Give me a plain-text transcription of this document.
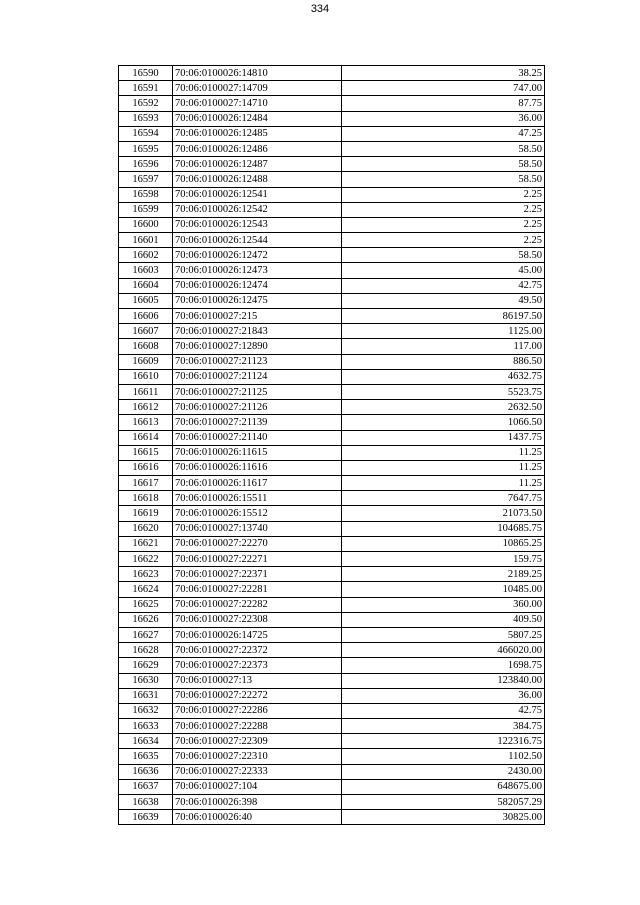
334
16590	70:06:0100026:14810	38.25
16591	70:06:0100027:14709	747.00
16592	70:06:0100027:14710	87.75
16593	70:06:0100026:12484	36.00
16594	70:06:0100026:12485	47.25
16595	70:06:0100026:12486	58.50
16596	70:06:0100026:12487	58.50
16597	70:06:0100026:12488	58.50
16598	70:06:0100026:12541	2.25
16599	70:06:0100026:12542	2.25
16600	70:06:0100026:12543	2.25
16601	70:06:0100026:12544	2.25
16602	70:06:0100026:12472	58.50
16603	70:06:0100026:12473	45.00
16604	70:06:0100026:12474	42.75
16605	70:06:0100026:12475	49.50
16606	70:06:0100027:215	86197.50
16607	70:06:0100027:21843	1125.00
16608	70:06:0100027:12890	117.00
16609	70:06:0100027:21123	886.50
16610	70:06:0100027:21124	4632.75
16611	70:06:0100027:21125	5523.75
16612	70:06:0100027:21126	2632.50
16613	70:06:0100027:21139	1066.50
16614	70:06:0100027:21140	1437.75
16615	70:06:0100026:11615	11.25
16616	70:06:0100026:11616	11.25
16617	70:06:0100026:11617	11.25
16618	70:06:0100026:15511	7647.75
16619	70:06:0100026:15512	21073.50
16620	70:06:0100027:13740	104685.75
16621	70:06:0100027:22270	10865.25
16622	70:06:0100027:22271	159.75
16623	70:06:0100027:22371	2189.25
16624	70:06:0100027:22281	10485.00
16625	70:06:0100027:22282	360.00
16626	70:06:0100027:22308	409.50
16627	70:06:0100026:14725	5807.25
16628	70:06:0100027:22372	466020.00
16629	70:06:0100027:22373	1698.75
16630	70:06:0100027:13	123840.00
16631	70:06:0100027:22272	36.00
16632	70:06:0100027:22286	42.75
16633	70:06:0100027:22288	384.75
16634	70:06:0100027:22309	122316.75
16635	70:06:0100027:22310	1102.50
16636	70:06:0100027:22333	2430.00
16637	70:06:0100027:104	648675.00
16638	70:06:0100026:398	582057.29
16639	70:06:0100026:40	30825.00
